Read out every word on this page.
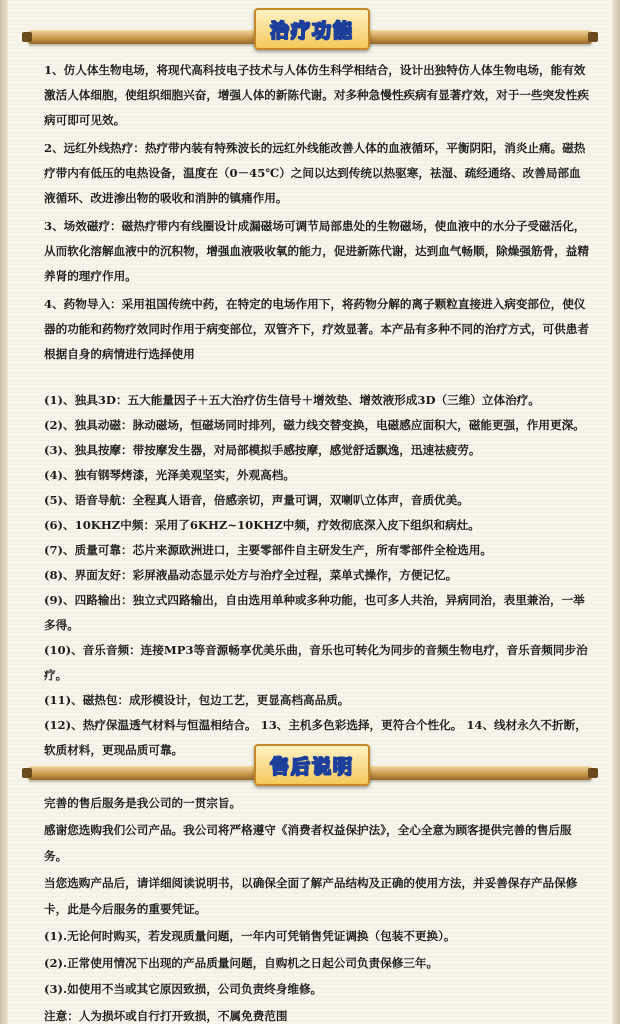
治疗功能

1、仿人体生物电场，将现代高科技电子技术与人体仿生科学相结合，设计出独特仿人体生物电场，能有效激活人体细胞，使组织细胞兴奋，增强人体的新陈代谢。对多种急慢性疾病有显著疗效，对于一些突发性疾病可即可见效。

2、远红外线热疗：热疗带内装有特殊波长的远红外线能改善人体的血液循环，平衡阴阳，消炎止痛。磁热疗带内有低压的电热设备，温度在（0－45℃）之间以达到传统以热驱寒，祛湿、疏经通络、改善局部血液循环、改进渗出物的吸收和消肿的镇痛作用。

3、场效磁疗：磁热疗带内有线圈设计成漏磁场可调节局部患处的生物磁场，使血液中的水分子受磁活化，从而软化溶解血液中的沉积物，增强血液吸收氧的能力，促进新陈代谢，达到血气畅顺，除燥强筋骨，益精养肾的理疗作用。

4、药物导入：采用祖国传统中药，在特定的电场作用下，将药物分解的离子颗粒直接进入病变部位，使仪器的功能和药物疗效同时作用于病变部位，双管齐下，疗效显著。本产品有多种不同的治疗方式，可供患者根据自身的病情进行选择使用

(1)、独具3D：五大能量因子＋五大治疗仿生信号＋增效垫、增效液形成3D（三维）立体治疗。

(2)、独具动磁：脉动磁场，恒磁场同时排列，磁力线交替变换，电磁感应面积大，磁能更强，作用更深。

(3)、独具按摩：带按摩发生器，对局部模拟手感按摩，感觉舒适飘逸，迅速祛疲劳。

(4)、独有钢琴烤漆，光泽美观坚实，外观高档。

(5)、语音导航：全程真人语音，倍感亲切，声量可调，双喇叭立体声，音质优美。

(6)、10KHZ中频：采用了6KHZ~10KHZ中频，疗效彻底深入皮下组织和病灶。

(7)、质量可靠：芯片来源欧洲进口，主要零部件自主研发生产，所有零部件全检选用。

(8)、界面友好：彩屏液晶动态显示处方与治疗全过程，菜单式操作，方便记忆。

(9)、四路输出：独立式四路输出，自由选用单种或多种功能，也可多人共治，异病同治，表里兼治，一举多得。

(10)、音乐音频：连接MP3等音源畅享优美乐曲，音乐也可转化为同步的音频生物电疗，音乐音频同步治疗。

(11)、磁热包：成形模设计，包边工艺，更显高档高品质。

(12)、热疗保温透气材料与恒温相结合。 13、主机多色彩选择，更符合个性化。 14、线材永久不折断，软质材料，更现品质可靠。

售后说明

完善的售后服务是我公司的一贯宗旨。

感谢您选购我们公司产品。我公司将严格遵守《消费者权益保护法》，全心全意为顾客提供完善的售后服务。

当您选购产品后，请详细阅读说明书，以确保全面了解产品结构及正确的使用方法，并妥善保存产品保修卡，此是今后服务的重要凭证。

(1).无论何时购买，若发现质量问题，一年内可凭销售凭证调换（包装不更换）。

(2).正常使用情况下出现的产品质量问题，自购机之日起公司负责保修三年。

(3).如使用不当或其它原因致损，公司负责终身维修。

注意：人为损坏或自行打开致损，不属免费范围
